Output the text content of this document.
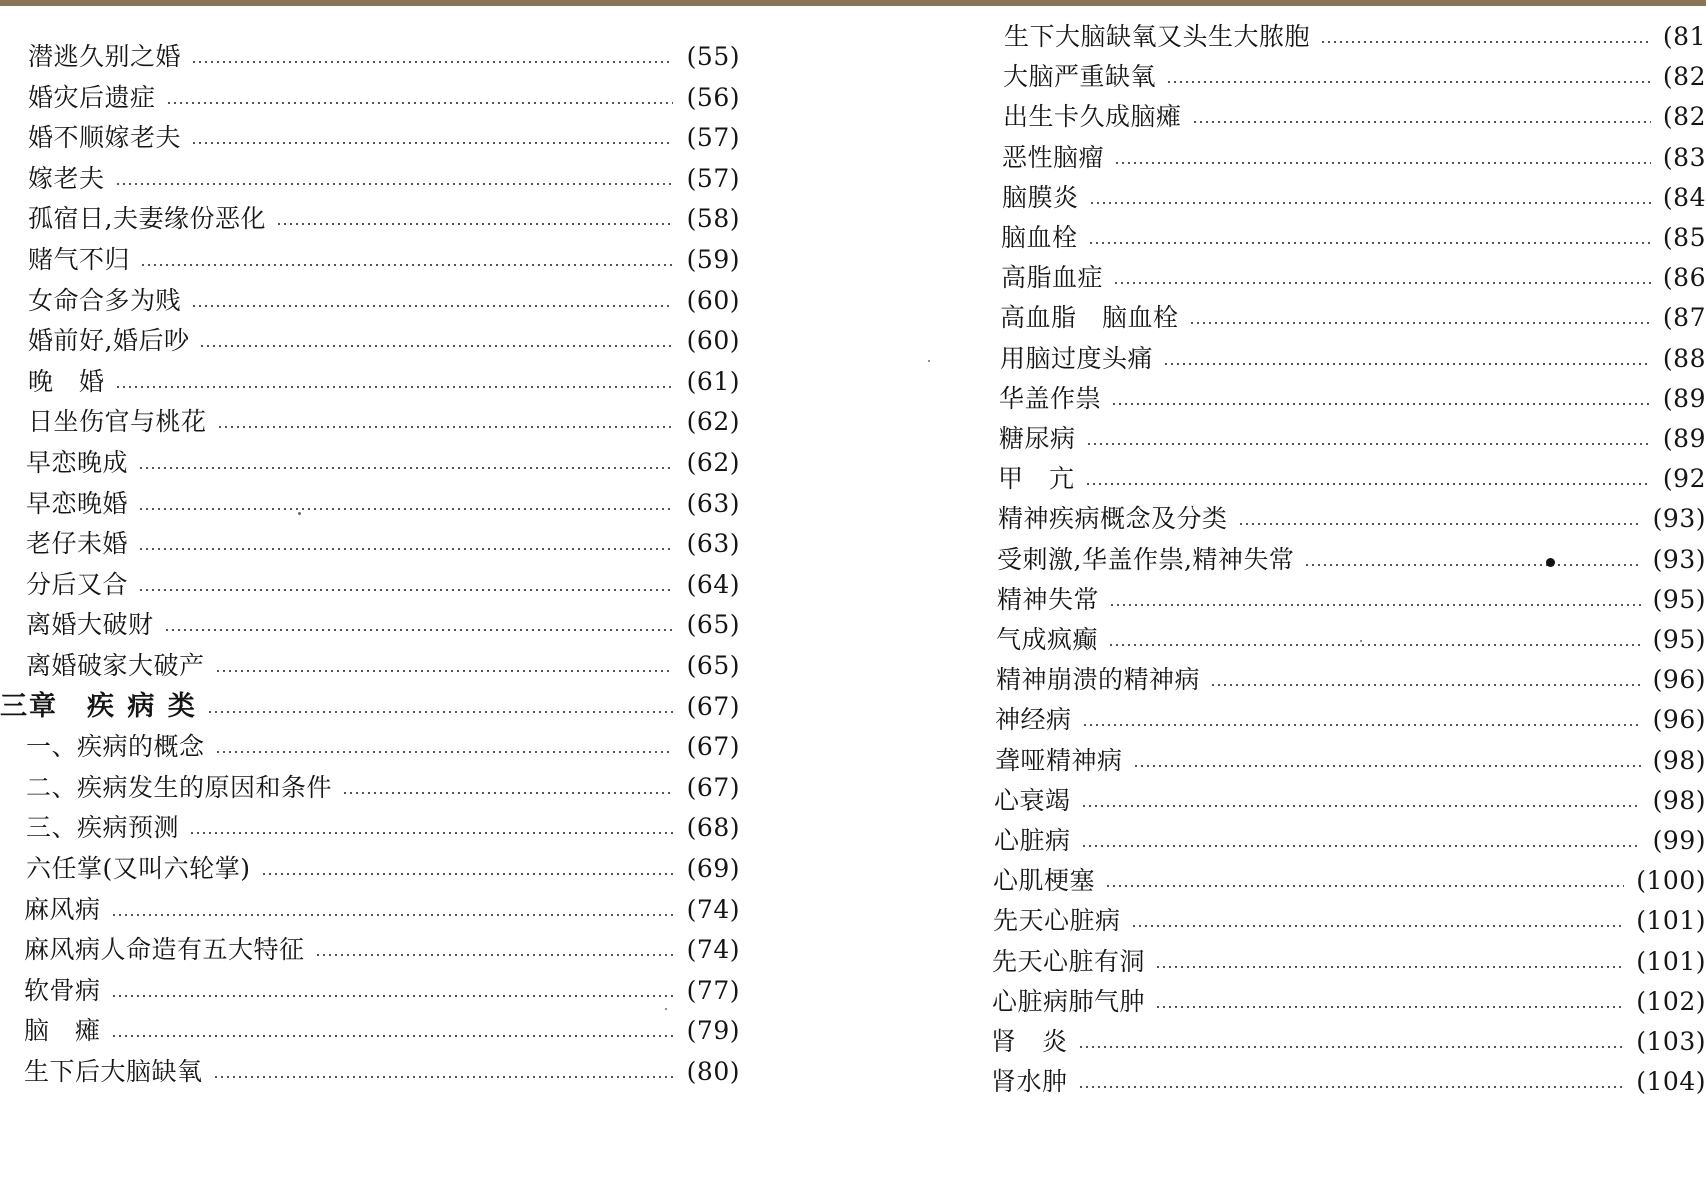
潜逃久别之婚	(55)
婚灾后遗症	(56)
婚不顺嫁老夫	(57)
嫁老夫	(57)
孤宿日,夫妻缘份恶化	(58)
赌气不归	(59)
女命合多为贱	(60)
婚前好,婚后吵	(60)
晚　婚	(61)
日坐伤官与桃花	(62)
早恋晚成	(62)
早恋晚婚	(63)
老仔未婚	(63)
分后又合	(64)
离婚大破财	(65)
离婚破家大破产	(65)
三章　疾 病 类	(67)
一、疾病的概念	(67)
二、疾病发生的原因和条件	(67)
三、疾病预测	(68)
六任掌(又叫六轮掌)	(69)
麻风病	(74)
麻风病人命造有五大特征	(74)
软骨病	(77)
脑　瘫	(79)
生下后大脑缺氧	(80)
生下大脑缺氧又头生大脓胞	(81
大脑严重缺氧	(82
出生卡久成脑瘫	(82
恶性脑瘤	(83
脑膜炎	(84
脑血栓	(85
高脂血症	(86
高血脂　脑血栓	(87
用脑过度头痛	(88
华盖作祟	(89
糖尿病	(89
甲　亢	(92
精神疾病概念及分类	(93)
受刺激,华盖作祟,精神失常	(93)
精神失常	(95)
气成疯癫	(95)
精神崩溃的精神病	(96)
神经病	(96)
聋哑精神病	(98)
心衰竭	(98)
心脏病	(99)
心肌梗塞	(100)
先天心脏病	(101)
先天心脏有洞	(101)
心脏病肺气肿	(102)
肾　炎	(103)
肾水肿	(104)
